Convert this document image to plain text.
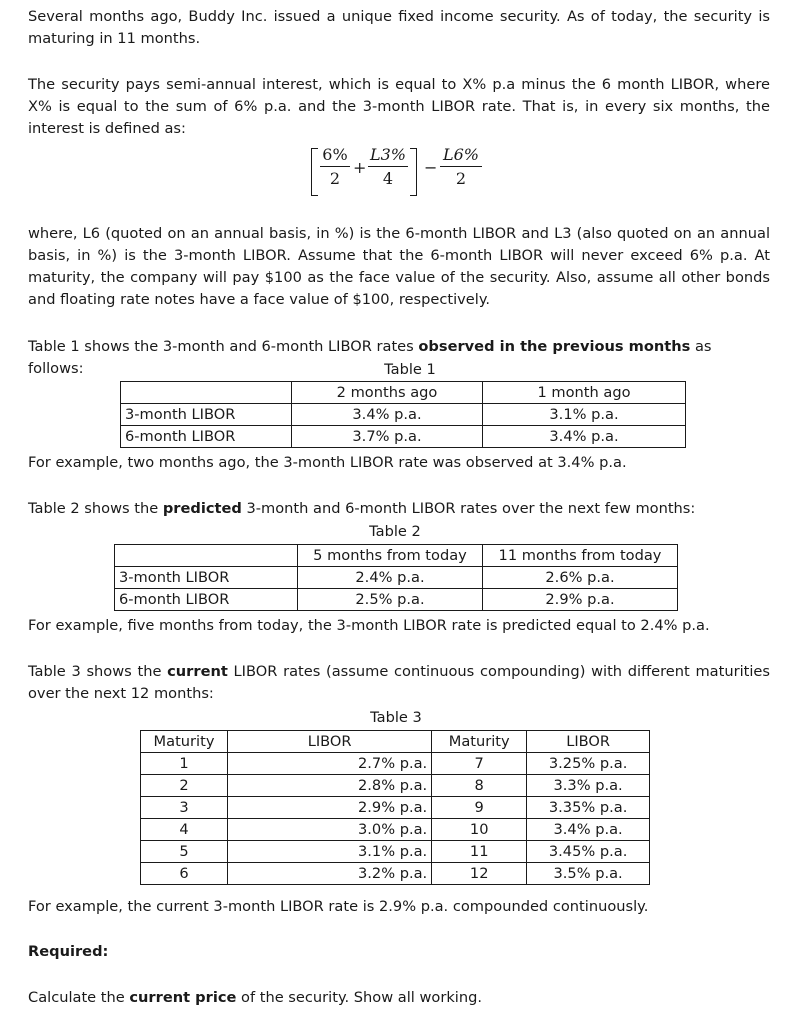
Several months ago, Buddy Inc. issued a unique fixed income security. As of today, the security is maturing in 11 months.
The security pays semi-annual interest, which is equal to X% p.a minus the 6 month LIBOR, where X% is equal to the sum of 6% p.a. and the 3-month LIBOR rate. That is, in every six months, the interest is defined as:
6%
2
+
L3%
4
−
L6%
2
where, L6 (quoted on an annual basis, in %) is the 6-month LIBOR and L3 (also quoted on an annual basis, in %) is the 3-month LIBOR. Assume that the 6-month LIBOR will never exceed 6% p.a. At maturity, the company will pay $100 as the face value of the security. Also, assume all other bonds and floating rate notes have a face value of $100, respectively.
Table 1 shows the 3-month and 6-month LIBOR rates observed in the previous months as follows:	Table 1
	2 months ago	1 month ago
3-month LIBOR	3.4% p.a.	3.1% p.a.
6-month LIBOR	3.7% p.a.	3.4% p.a.
For example, two months ago, the 3-month LIBOR rate was observed at 3.4% p.a.
Table 2 shows the predicted 3-month and 6-month LIBOR rates over the next few months:
Table 2
	5 months from today	11 months from today
3-month LIBOR	2.4% p.a.	2.6% p.a.
6-month LIBOR	2.5% p.a.	2.9% p.a.
For example, five months from today, the 3-month LIBOR rate is predicted equal to 2.4% p.a.
Table 3 shows the current LIBOR rates (assume continuous compounding) with different maturities over the next 12 months:
Table 3
Maturity	LIBOR	Maturity	LIBOR
1	2.7% p.a.	7	3.25% p.a.
2	2.8% p.a.	8	3.3% p.a.
3	2.9% p.a.	9	3.35% p.a.
4	3.0% p.a.	10	3.4% p.a.
5	3.1% p.a.	11	3.45% p.a.
6	3.2% p.a.	12	3.5% p.a.
For example, the current 3-month LIBOR rate is 2.9% p.a. compounded continuously.
Required:
Calculate the current price of the security. Show all working.
